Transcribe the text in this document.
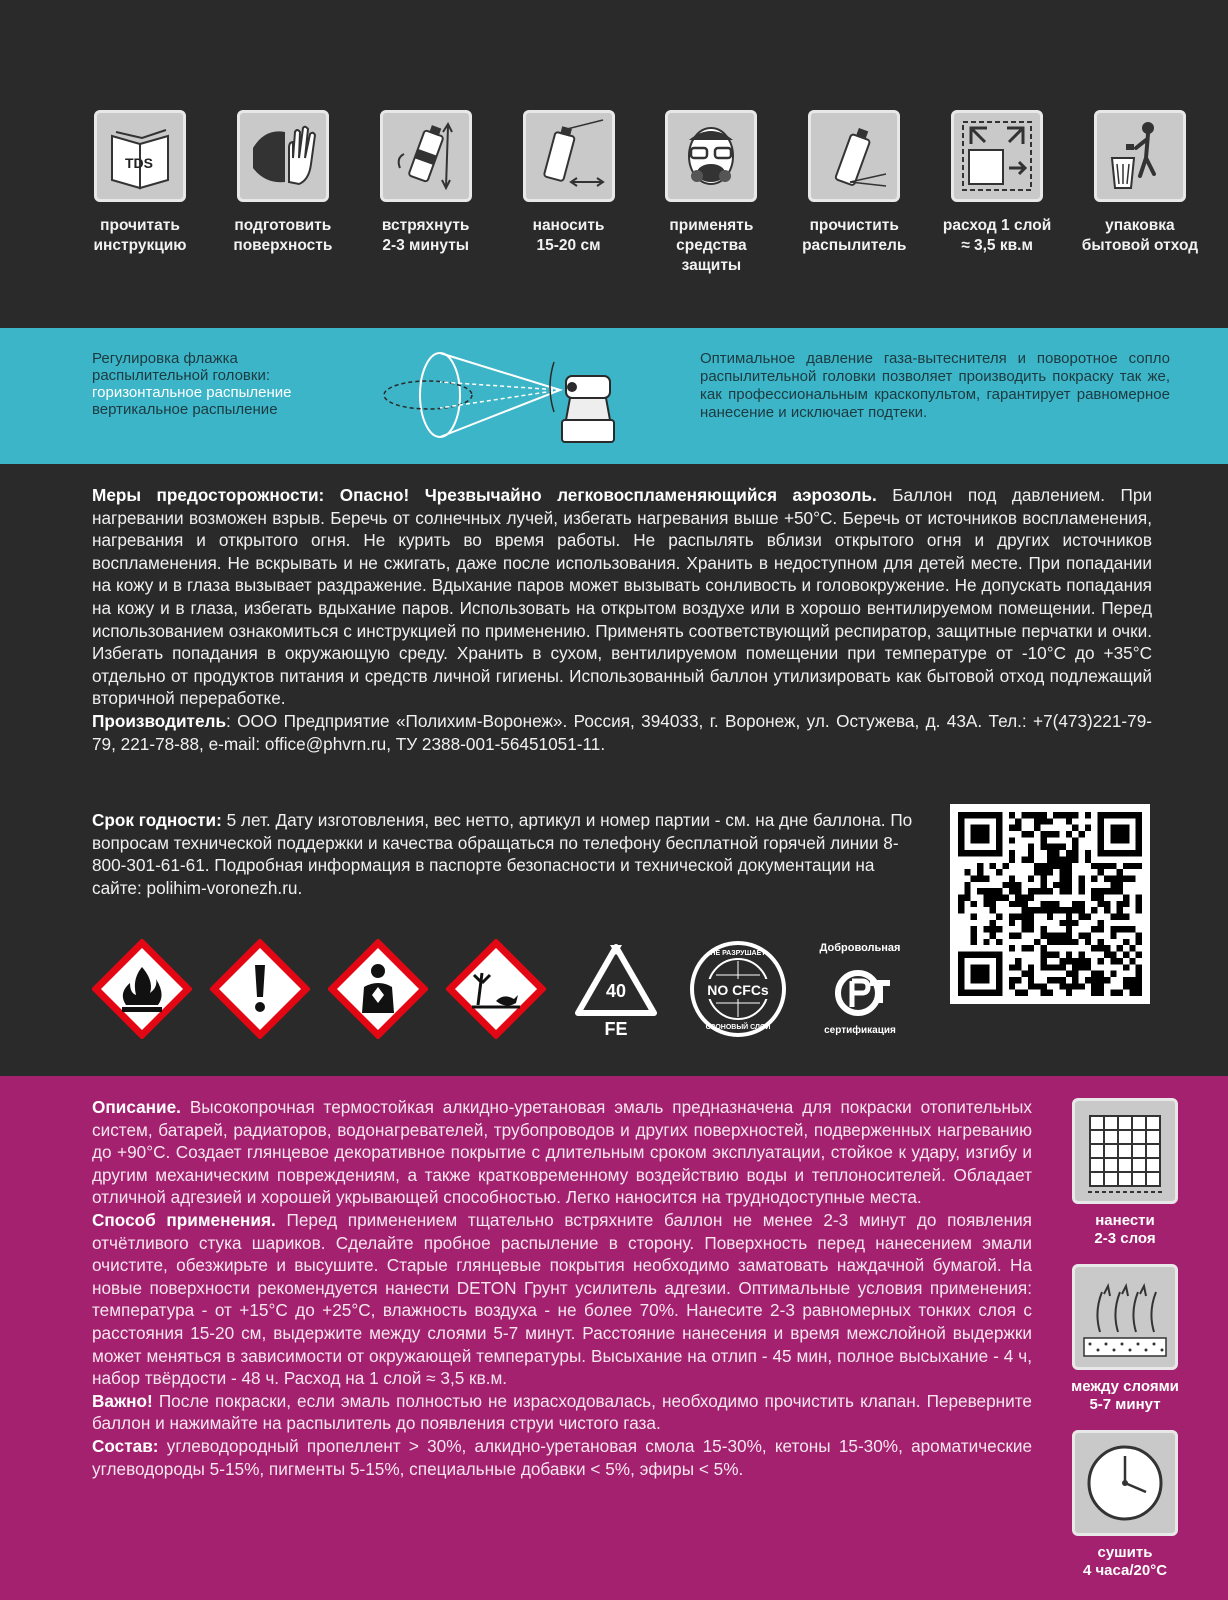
TDS
прочитать
инструкцию
подготовить
поверхность
встряхнуть
2-3 минуты
наносить
15-20 см
применять
средства защиты
прочистить
распылитель
расход 1 слой
≈ 3,5 кв.м
упаковка
бытовой отход
Регулировка флажка
распылительной головки:
горизонтальное распыление
вертикальное распыление
Оптимальное давление газа-вытеснителя и поворотное сопло распылительной головки позволяет производить покраску так же, как профессиональным краскопультом, гарантирует равномерное нанесение и исключает подтеки.

Меры предосторожности: Опасно! Чрезвычайно легковоспламеняющийся аэрозоль. Баллон под давлением. При нагревании возможен взрыв. Беречь от солнечных лучей, избегать нагревания выше +50°С. Беречь от источников воспламенения, нагревания и открытого огня. Не курить во время работы. Не распылять вблизи открытого огня и других источников воспламенения. Не вскрывать и не сжигать, даже после использования. Хранить в недоступном для детей месте. При попадании на кожу и в глаза вызывает раздражение. Вдыхание паров может вызывать сонливость и головокружение. Не допускать попадания на кожу и в глаза, избегать вдыхание паров. Использовать на открытом воздухе или в хорошо вентилируемом помещении. Перед использованием ознакомиться с инструкцией по применению. Применять соответствующий респиратор, защитные перчатки и очки. Избегать попадания в окружающую среду. Хранить в сухом, вентилируемом помещении при температуре от -10°С до +35°С отдельно от продуктов питания и средств личной гигиены. Использованный баллон утилизировать как бытовой отход подлежащий вторичной переработке.
Производитель: ООО Предприятие «Полихим-Воронеж». Россия, 394033, г. Воронеж, ул. Остужева, д. 43А. Тел.: +7(473)221-79-79, 221-78-88, e-mail: office@phvrn.ru, ТУ 2388-001-56451051-11.

Срок годности: 5 лет. Дату изготовления, вес нетто, артикул и номер партии - см. на дне баллона. По вопросам технической поддержки и качества обращаться по телефону бесплатной горячей линии 8-800-301-61-61. Подробная информация в паспорте безопасности и технической документации на сайте: polihim-voronezh.ru.

40
FE
NO CFCs
НЕ РАЗРУШАЕТ
ОЗОНОВЫЙ СЛОЙ
Добровольная
сертификация

Описание. Высокопрочная термостойкая алкидно-уретановая эмаль предназначена для покраски отопительных систем, батарей, радиаторов, водонагревателей, трубопроводов и других поверхностей, подверженных нагреванию до +90°С. Создает глянцевое декоративное покрытие с длительным сроком эксплуатации, стойкое к удару, изгибу и другим механическим повреждениям, а также кратковременному воздействию воды и теплоносителей. Обладает отличной адгезией и хорошей укрывающей способностью. Легко наносится на труднодоступные места.
Способ применения. Перед применением тщательно встряхните баллон не менее 2-3 минут до появления отчётливого стука шариков. Сделайте пробное распыление в сторону. Поверхность перед нанесением эмали очистите, обезжирьте и высушите. Старые глянцевые покрытия необходимо заматовать наждачной бумагой. На новые поверхности рекомендуется нанести DETON Грунт усилитель адгезии. Оптимальные условия применения: температура - от +15°С до +25°С, влажность воздуха - не более 70%. Нанесите 2-3 равномерных тонких слоя с расстояния 15-20 см, выдержите между слоями 5-7 минут. Расстояние нанесения и время межслойной выдержки может меняться в зависимости от окружающей температуры. Высыхание на отлип - 45 мин, полное высыхание - 4 ч, набор твёрдости - 48 ч. Расход на 1 слой ≈ 3,5 кв.м.
Важно! После покраски, если эмаль полностью не израсходовалась, необходимо прочистить клапан. Переверните баллон и нажимайте на распылитель до появления струи чистого газа.
Состав: углеводородный пропеллент > 30%, алкидно-уретановая смола 15-30%, кетоны 15-30%, ароматические углеводороды 5-15%, пигменты 5-15%, специальные добавки < 5%, эфиры < 5%.

нанести
2-3 слоя
между слоями
5-7 минут
сушить
4 часа/20°С
